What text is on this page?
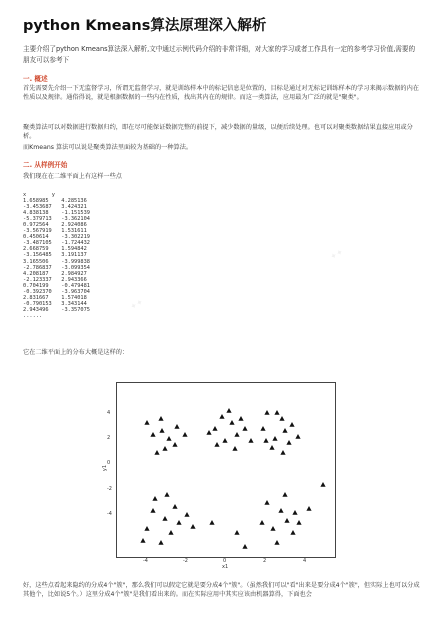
python Kmeans算法原理深入解析
主要介绍了python Kmeans算法深入解析,文中通过示例代码介绍的非常详细，对大家的学习或者工作具有一定的参考学习价值,需要的朋友可以参考下
一. 概述
首先需要先介绍一下无监督学习，所谓无监督学习，就是训练样本中的标记信息是位置的，目标是通过对无标记训练样本的学习来揭示数据的内在性质以及规律。通俗得说，就是根据数据的一些内在性质，找出其内在的规律。而这一类算法，应用最为广泛的就是"聚类"。
聚类算法可以对数据进行数据归约，即在尽可能保证数据完整的前提下，减少数据的量级，以便后续处理。也可以对聚类数据结果直接应用或分析。
而Kmeans 算法可以说是聚类算法里面较为基础的一种算法。
二. 从样例开始
我们现在在二维平面上有这样一些点
x        y
1.658985    4.285136
-3.453687   3.424321
4.838138    -1.151539
-5.379713   -3.362104
0.972564    2.924086
-3.567919   1.531611
0.450614    -3.302219
-3.487105   -1.724432
2.668759    1.594842
-3.156485   3.191137
3.165506    -3.999838
-2.786837   -3.099354
4.208187    2.984927
-2.123337   2.943366
0.704199    -0.479481
-0.392370   -3.963704
2.831667    1.574018
-0.790153   3.343144
2.943496    -3.357075
......
它在二维平面上的分布大概是这样的：
-4	-2	0	2	4
4
2
0
-2
-4
x1
y1
好，这些点看起来隐约的分成4个"簇"，那么我们可以假定它就是要分成4个"簇"。（虽然我们可以"看"出来是要分成4个"簇"，但实际上也可以分成其他个，比如说5个。）这里分成4个"簇"是我们看出来的。而在实际应用中其实应该由机器算得，下面也会
✦✦
✦✦
